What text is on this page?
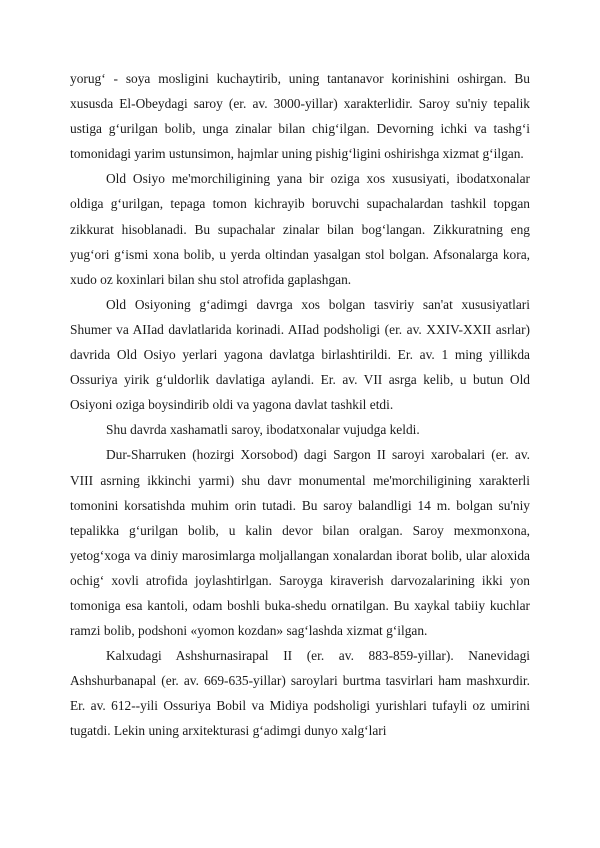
yorug‘ - soya mosligini kuchaytirib, uning tantanavor korinishini oshirgan. Bu xususda El-Obeydagi saroy (er. av. 3000-yillar) xarakterlidir. Saroy su'niy tepalik ustiga g‘urilgan bolib, unga zinalar bilan chig‘ilgan. Devorning ichki va tashg‘i tomonidagi yarim ustunsimon, hajmlar uning pishig‘ligini oshirishga xizmat g‘ilgan.

Old Osiyo me'morchiligining yana bir oziga xos xususiyati, ibodatxonalar oldiga g‘urilgan, tepaga tomon kichrayib boruvchi supachalardan tashkil topgan zikkurat hisoblanadi. Bu supachalar zinalar bilan bog‘langan. Zikkuratning eng yug‘ori g‘ismi xona bolib, u yerda oltindan yasalgan stol bolgan. Afsonalarga kora, xudo oz koxinlari bilan shu stol atrofida gaplashgan.

Old Osiyoning g‘adimgi davrga xos bolgan tasviriy san'at xususiyatlari Shumer va AIIad davlatlarida korinadi. AIIad podsholigi (er. av. XXIV-XXII asrlar) davrida Old Osiyo yerlari yagona davlatga birlashtirildi. Er. av. 1 ming yillikda Ossuriya yirik g‘uldorlik davlatiga aylandi. Er. av. VII asrga kelib, u butun Old Osiyoni oziga boysindirib oldi va yagona davlat tashkil etdi.

Shu davrda xashamatli saroy, ibodatxonalar vujudga keldi.

Dur-Sharruken (hozirgi Xorsobod) dagi Sargon II saroyi xarobalari (er. av. VIII asrning ikkinchi yarmi) shu davr monumental me'morchiligining xarakterli tomonini korsatishda muhim orin tutadi. Bu saroy balandligi 14 m. bolgan su'niy tepalikka g‘urilgan bolib, u kalin devor bilan oralgan. Saroy mexmonxona, yetog‘xoga va diniy marosimlarga moljallangan xonalardan iborat bolib, ular aloxida ochig‘ xovli atrofida joylashtirlgan. Saroyga kiraverish darvozalarining ikki yon tomoniga esa kantoli, odam boshli buka-shedu ornatilgan. Bu xaykal tabiiy kuchlar ramzi bolib, podshoni «yomon kozdan» sag‘lashda xizmat g‘ilgan.

Kalxudagi Ashshurnasirapal II (er. av. 883-859-yillar). Nanevidagi Ashshurbanapal (er. av. 669-635-yillar) saroylari burtma tasvirlari ham mashxurdir. Er. av. 612--yili Ossuriya Bobil va Midiya podsholigi yurishlari tufayli oz umirini tugatdi. Lekin uning arxitekturasi g‘adimgi dunyo xalg‘lari
